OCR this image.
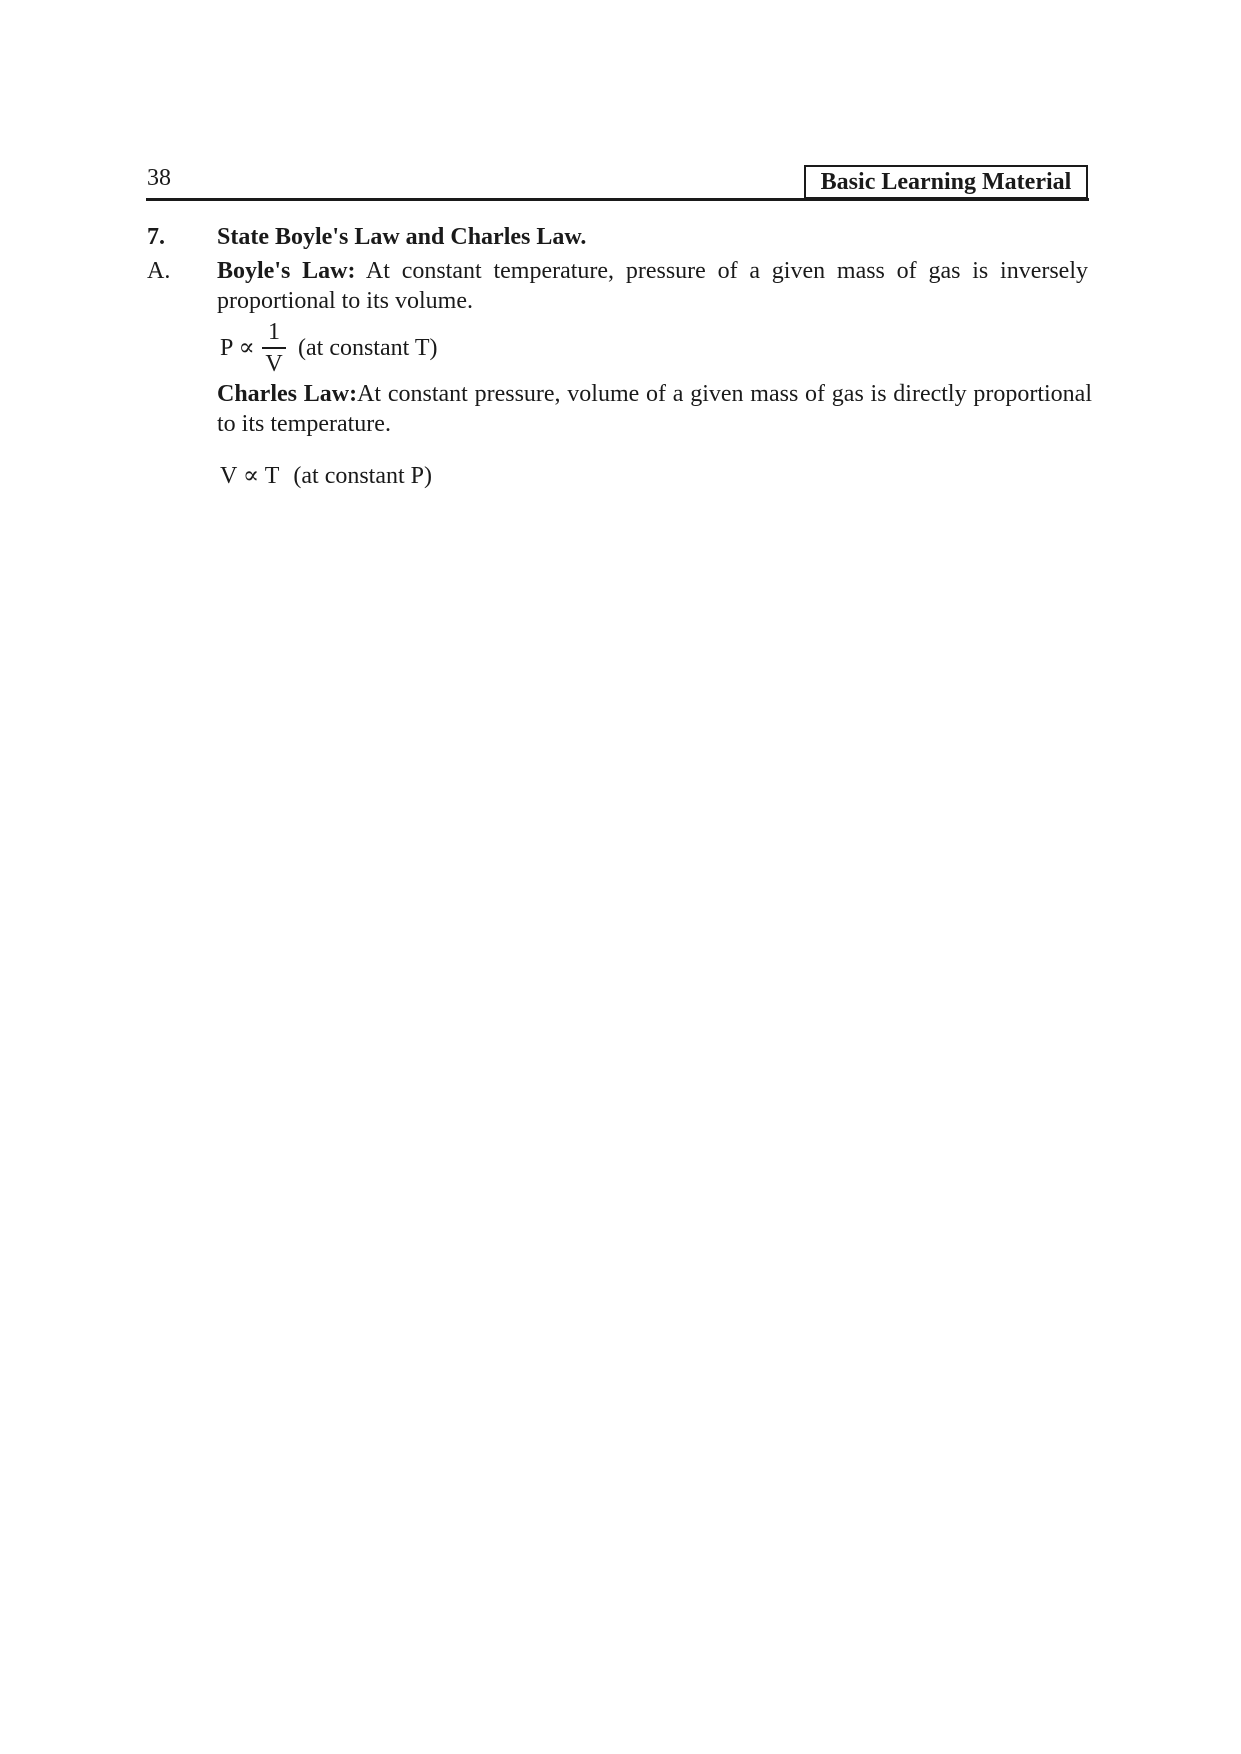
38	Basic Learning Material
7. State Boyle's Law and Charles Law.
A. Boyle's Law: At constant temperature, pressure of a given mass of gas is inversely proportional to its volume.
P ∝
1
V
(at constant T)
Charles Law:At constant pressure, volume of a given mass of gas is directly proportional to its temperature.
V ∝ T (at constant P)
